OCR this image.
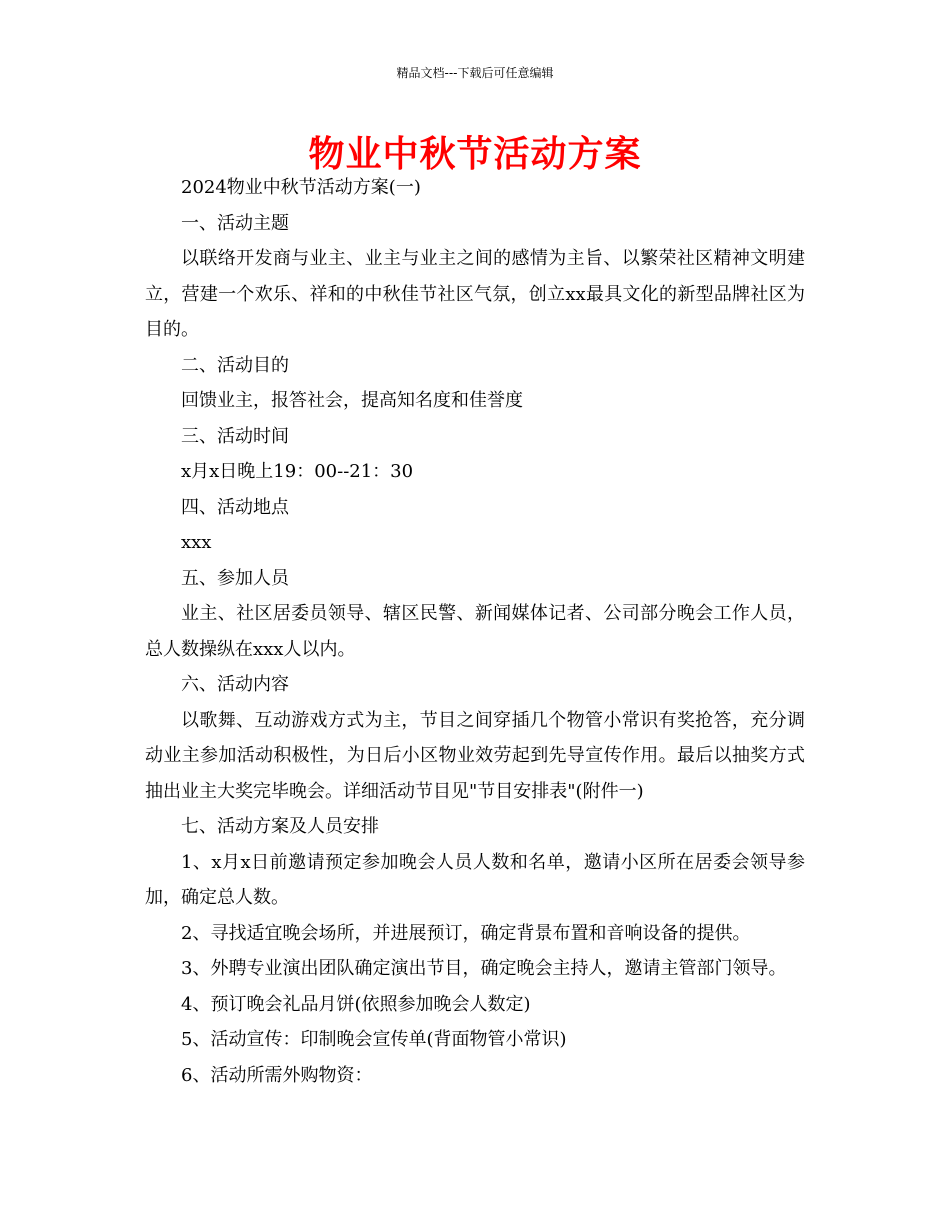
精品文档---下载后可任意编辑
物业中秋节活动方案

2024物业中秋节活动方案(一)

一、活动主题

以联络开发商与业主、业主与业主之间的感情为主旨、以繁荣社区精神文明建立，营建一个欢乐、祥和的中秋佳节社区气氛，创立xx最具文化的新型品牌社区为目的。

二、活动目的

回馈业主，报答社会，提高知名度和佳誉度

三、活动时间

x月x日晚上19：00--21：30

四、活动地点

xxx

五、参加人员

业主、社区居委员领导、辖区民警、新闻媒体记者、公司部分晚会工作人员，总人数操纵在xxx人以内。

六、活动内容

以歌舞、互动游戏方式为主，节目之间穿插几个物管小常识有奖抢答，充分调动业主参加活动积极性，为日后小区物业效劳起到先导宣传作用。最后以抽奖方式抽出业主大奖完毕晚会。详细活动节目见"节目安排表"(附件一)

七、活动方案及人员安排

1、x月x日前邀请预定参加晚会人员人数和名单，邀请小区所在居委会领导参加，确定总人数。

2、寻找适宜晚会场所，并进展预订，确定背景布置和音响设备的提供。

3、外聘专业演出团队确定演出节目，确定晚会主持人，邀请主管部门领导。

4、预订晚会礼品月饼(依照参加晚会人数定)

5、活动宣传：印制晚会宣传单(背面物管小常识)

6、活动所需外购物资：
